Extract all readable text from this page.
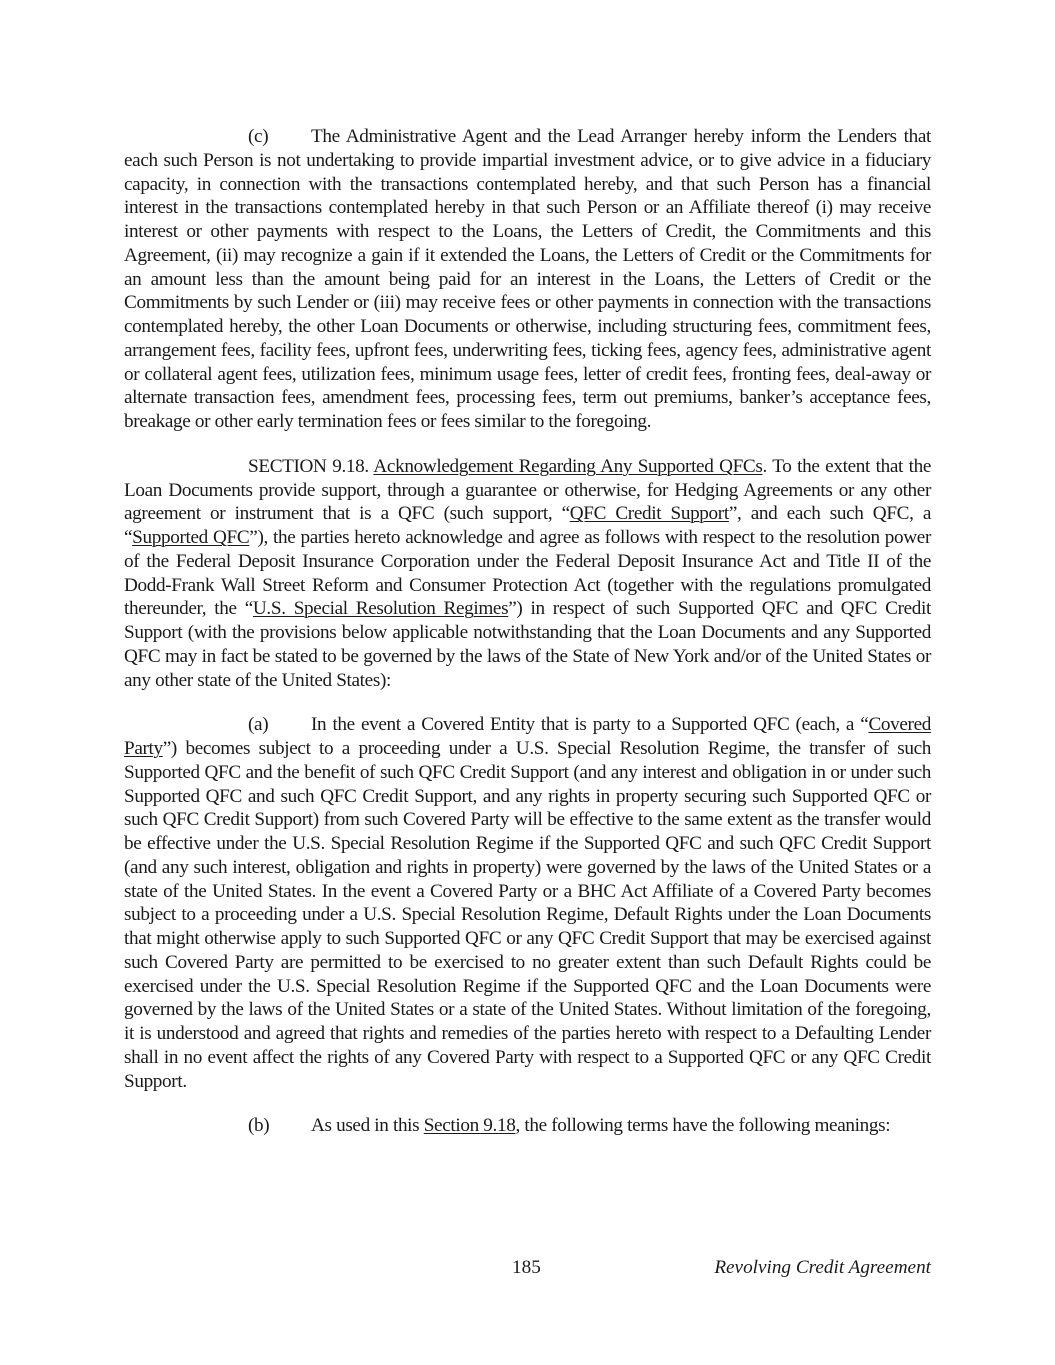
(c) The Administrative Agent and the Lead Arranger hereby inform the Lenders that each such Person is not undertaking to provide impartial investment advice, or to give advice in a fiduciary capacity, in connection with the transactions contemplated hereby, and that such Person has a financial interest in the transactions contemplated hereby in that such Person or an Affiliate thereof (i) may receive interest or other payments with respect to the Loans, the Letters of Credit, the Commitments and this Agreement, (ii) may recognize a gain if it extended the Loans, the Letters of Credit or the Commitments for an amount less than the amount being paid for an interest in the Loans, the Letters of Credit or the Commitments by such Lender or (iii) may receive fees or other payments in connection with the transactions contemplated hereby, the other Loan Documents or otherwise, including structuring fees, commitment fees, arrangement fees, facility fees, upfront fees, underwriting fees, ticking fees, agency fees, administrative agent or collateral agent fees, utilization fees, minimum usage fees, letter of credit fees, fronting fees, deal-away or alternate transaction fees, amendment fees, processing fees, term out premiums, banker’s acceptance fees, breakage or other early termination fees or fees similar to the foregoing.

SECTION 9.18. Acknowledgement Regarding Any Supported QFCs. To the extent that the Loan Documents provide support, through a guarantee or otherwise, for Hedging Agreements or any other agreement or instrument that is a QFC (such support, “QFC Credit Support”, and each such QFC, a “Supported QFC”), the parties hereto acknowledge and agree as follows with respect to the resolution power of the Federal Deposit Insurance Corporation under the Federal Deposit Insurance Act and Title II of the Dodd-Frank Wall Street Reform and Consumer Protection Act (together with the regulations promulgated thereunder, the “U.S. Special Resolution Regimes”) in respect of such Supported QFC and QFC Credit Support (with the provisions below applicable notwithstanding that the Loan Documents and any Supported QFC may in fact be stated to be governed by the laws of the State of New York and/or of the United States or any other state of the United States):

(a) In the event a Covered Entity that is party to a Supported QFC (each, a “Covered Party”) becomes subject to a proceeding under a U.S. Special Resolution Regime, the transfer of such Supported QFC and the benefit of such QFC Credit Support (and any interest and obligation in or under such Supported QFC and such QFC Credit Support, and any rights in property securing such Supported QFC or such QFC Credit Support) from such Covered Party will be effective to the same extent as the transfer would be effective under the U.S. Special Resolution Regime if the Supported QFC and such QFC Credit Support (and any such interest, obligation and rights in property) were governed by the laws of the United States or a state of the United States. In the event a Covered Party or a BHC Act Affiliate of a Covered Party becomes subject to a proceeding under a U.S. Special Resolution Regime, Default Rights under the Loan Documents that might otherwise apply to such Supported QFC or any QFC Credit Support that may be exercised against such Covered Party are permitted to be exercised to no greater extent than such Default Rights could be exercised under the U.S. Special Resolution Regime if the Supported QFC and the Loan Documents were governed by the laws of the United States or a state of the United States. Without limitation of the foregoing, it is understood and agreed that rights and remedies of the parties hereto with respect to a Defaulting Lender shall in no event affect the rights of any Covered Party with respect to a Supported QFC or any QFC Credit Support.

(b) As used in this Section 9.18, the following terms have the following meanings:

185	Revolving Credit Agreement
